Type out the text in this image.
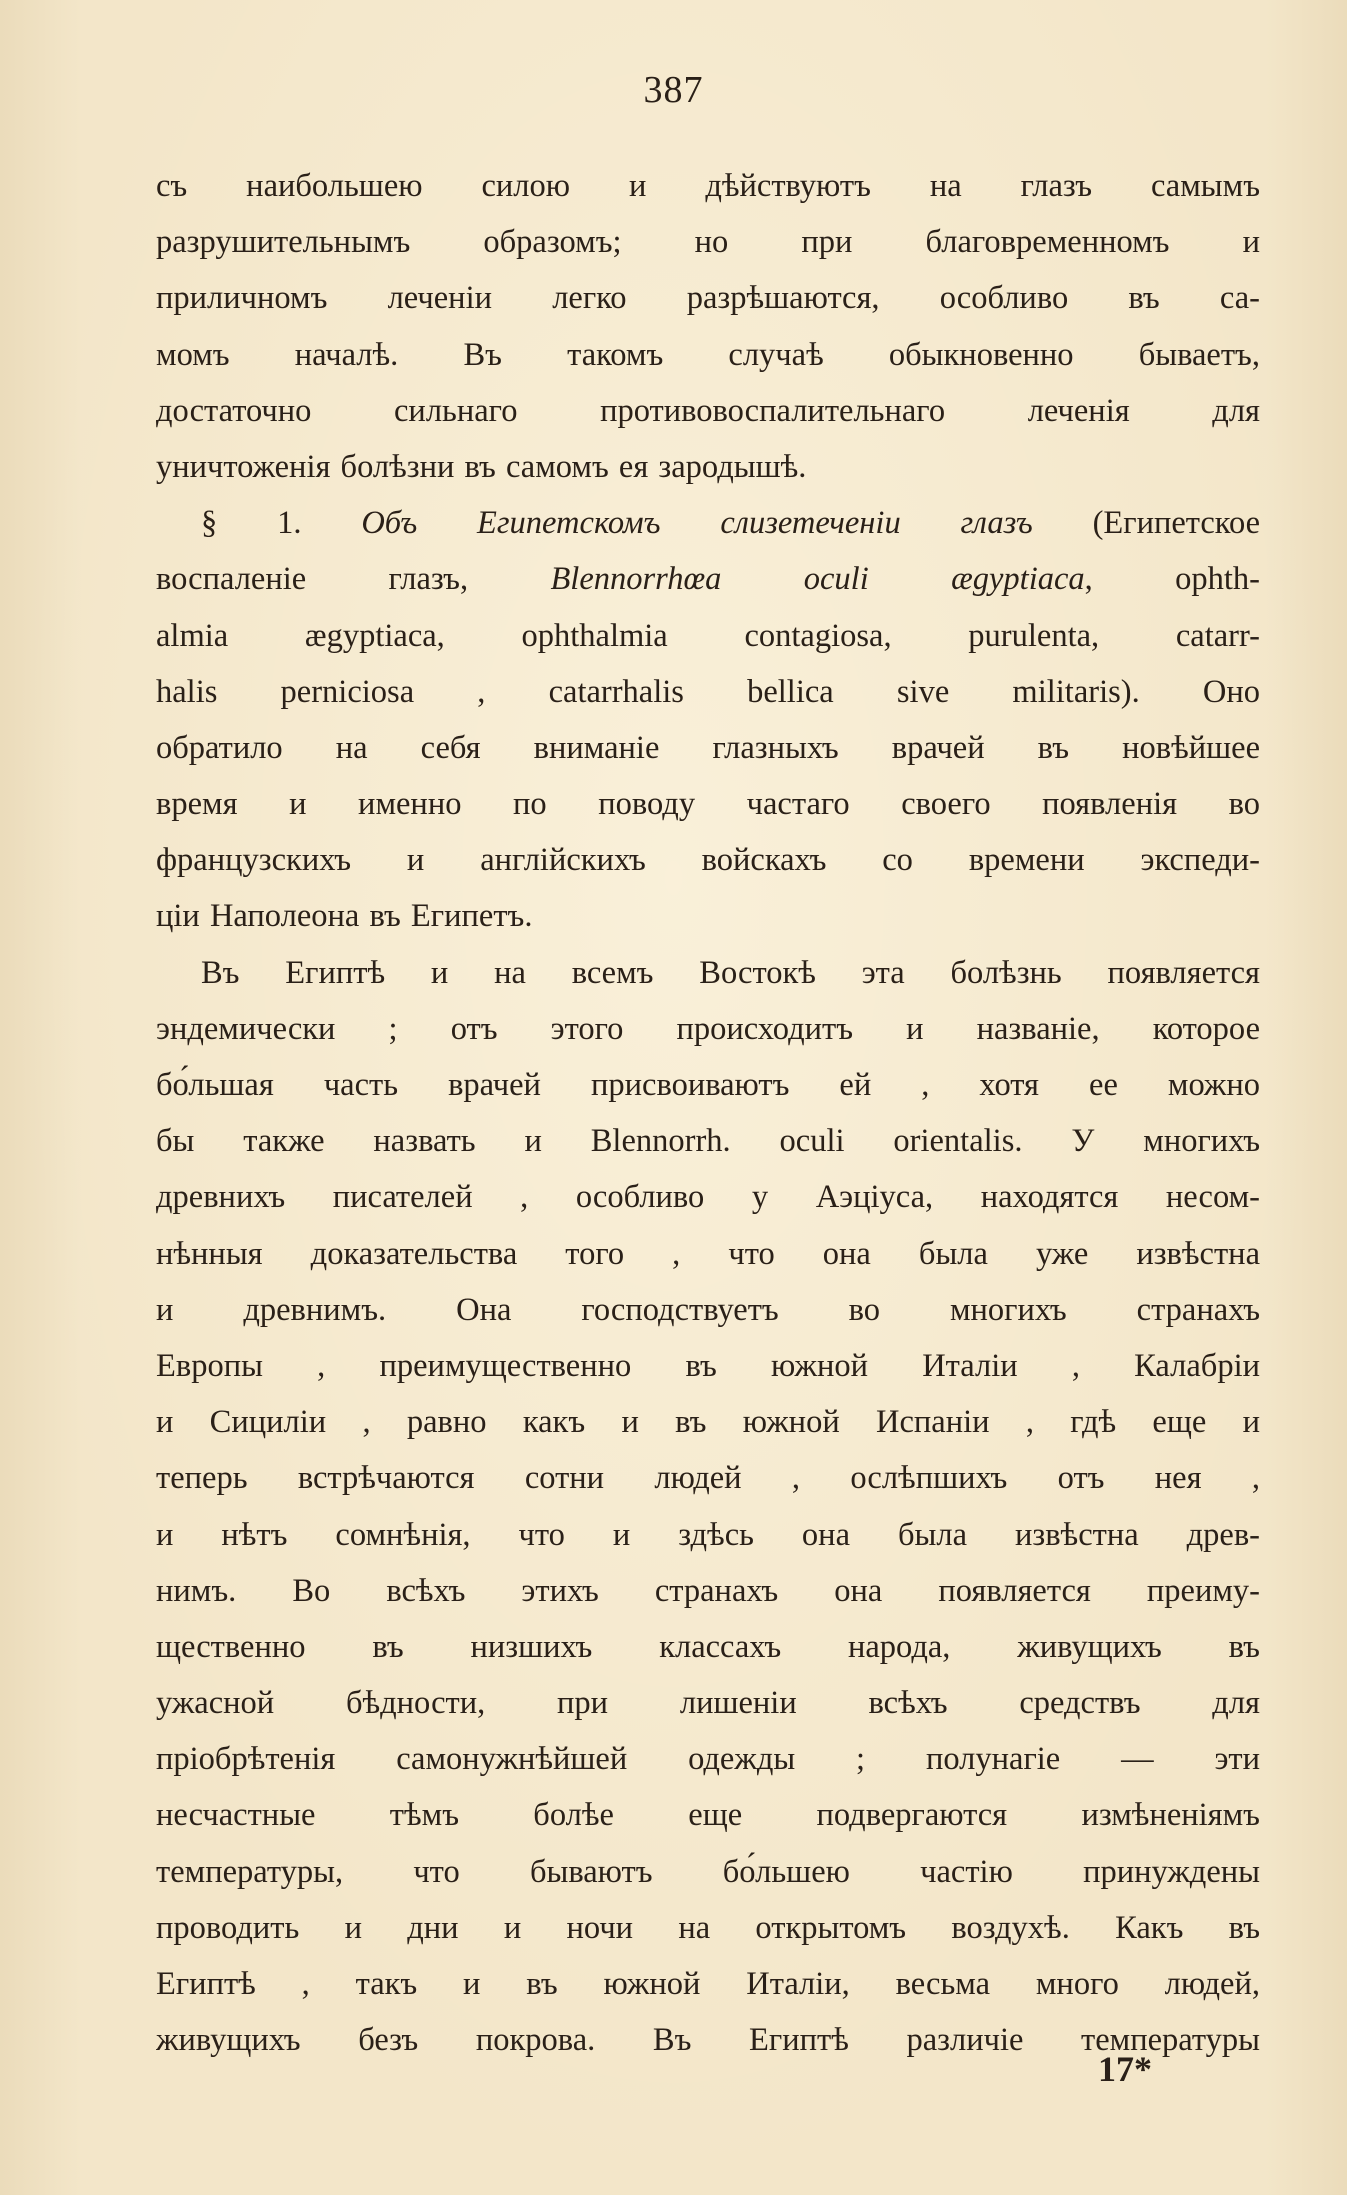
387
съ наибольшею силою и дѣйствуютъ на глазъ самымъ
разрушительнымъ образомъ; но при благовременномъ и
приличномъ леченіи легко разрѣшаются, особливо въ са-
момъ началѣ. Въ такомъ случаѣ обыкновенно бываетъ,
достаточно сильнаго противовоспалительнаго леченія для
уничтоженія болѣзни въ самомъ ея зародышѣ.
§ 1. Объ Египетскомъ слизетеченіи глазъ (Египетское
воспаленіе глазъ,	Blennorrhœa oculi ægyptiaca, ophth-
almia ægyptiaca, ophthalmia contagiosa, purulenta, catarr-
halis perniciosa , catarrhalis bellica sive militaris). Оно
обратило на себя вниманіе глазныхъ врачей въ новѣйшее
время и именно по поводу частаго своего появленія во
французскихъ и англійскихъ войскахъ со времени экспеди-
ціи Наполеона въ Египетъ.
Въ Египтѣ и на всемъ Востокѣ эта болѣзнь появляется
эндемически ; отъ этого происходитъ и названіе, которое
бо́льшая часть врачей присвоиваютъ ей , хотя ее можно
бы также назвать и Blennorrh. oculi orientalis. У многихъ
древнихъ писателей , особливо у Аэціуса, находятся несом-
нѣнныя доказательства того , что она была уже извѣстна
и древнимъ. Она господствуетъ во многихъ странахъ
Европы , преимущественно въ южной Италіи , Калабріи
и Сициліи , равно какъ и въ южной Испаніи , гдѣ еще и
теперь встрѣчаются сотни людей , ослѣпшихъ отъ нея ,
и нѣтъ сомнѣнія, что и здѣсь она была извѣстна древ-
нимъ. Во всѣхъ этихъ странахъ она появляется преиму-
щественно въ низшихъ классахъ народа, живущихъ въ
ужасной бѣдности, при лишеніи всѣхъ средствъ для
пріобрѣтенія самонужнѣйшей одежды ; полунагіе — эти
несчастные тѣмъ болѣе еще подвергаются измѣненіямъ
температуры, что бываютъ бо́льшею частію принуждены
проводить и дни и ночи на открытомъ воздухѣ. Какъ въ
Египтѣ , такъ и въ южной Италіи, весьма много людей,
живущихъ безъ покрова. Въ Египтѣ различіе температуры
17*
